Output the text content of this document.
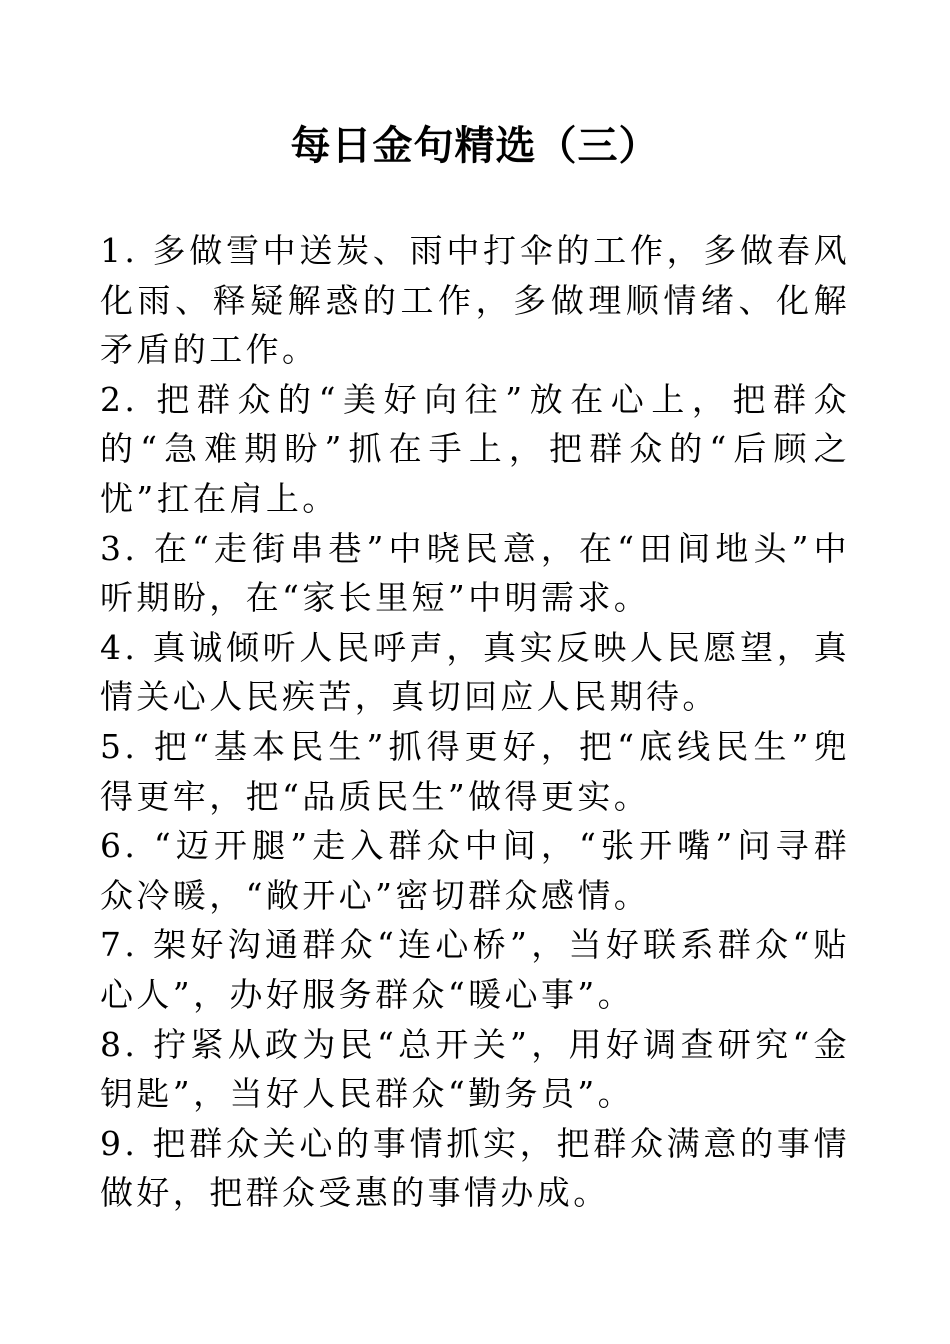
每日金句精选（三）
1. 多做雪中送炭、雨中打伞的工作，多做春风化雨、释疑解惑的工作，多做理顺情绪、化解矛盾的工作。
2. 把群众的“美好向往”放在心上，把群众的“急难期盼”抓在手上，把群众的“后顾之忧”扛在肩上。
3. 在“走街串巷”中晓民意，在“田间地头”中听期盼，在“家长里短”中明需求。
4. 真诚倾听人民呼声，真实反映人民愿望，真情关心人民疾苦，真切回应人民期待。
5. 把“基本民生”抓得更好，把“底线民生”兜得更牢，把“品质民生”做得更实。
6. “迈开腿”走入群众中间，“张开嘴”问寻群众冷暖，“敞开心”密切群众感情。
7. 架好沟通群众“连心桥”，当好联系群众“贴心人”，办好服务群众“暖心事”。
8. 拧紧从政为民“总开关”，用好调查研究“金钥匙”，当好人民群众“勤务员”。
9. 把群众关心的事情抓实，把群众满意的事情做好，把群众受惠的事情办成。
